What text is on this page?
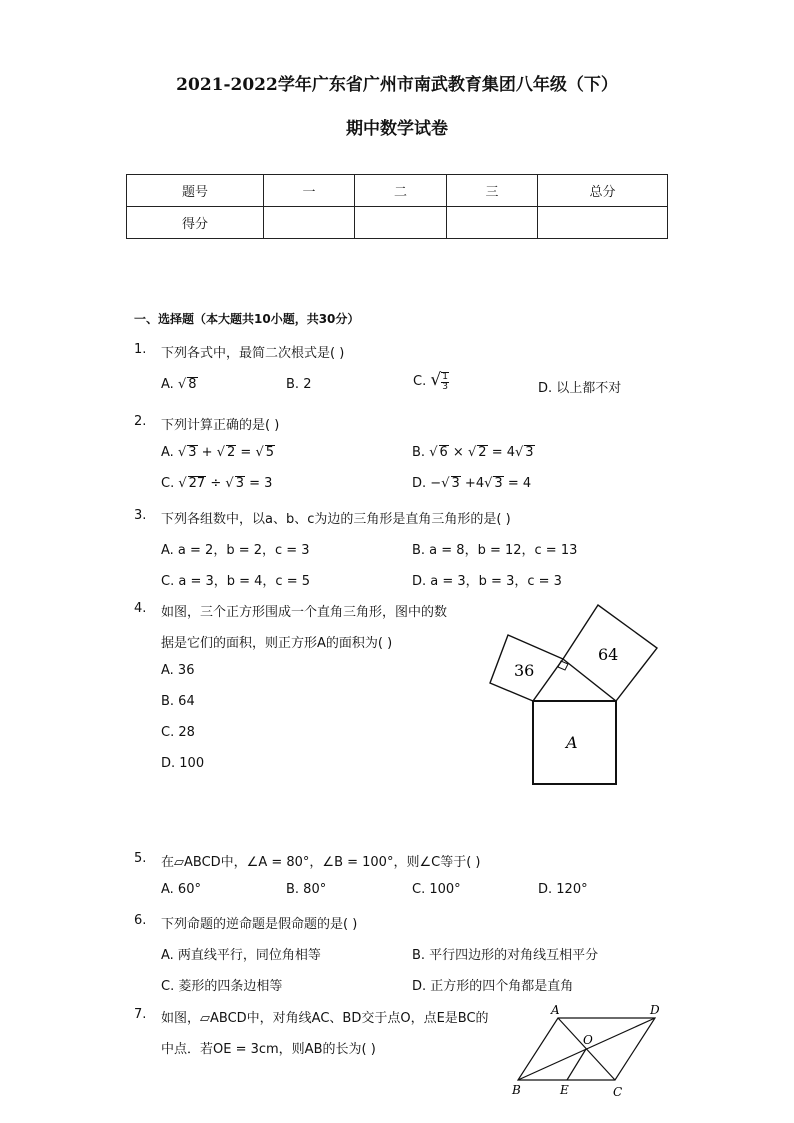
2021-2022学年广东省广州市南武教育集团八年级（下）
期中数学试卷
题号	一	二	三	总分
得分				
一、选择题（本大题共10小题，共30分）
1. 下列各式中，最简二次根式是( )
A. √ 8	B. 2	C. √ $\frac{1}{3}$	D. 以上都不对
2. 下列计算正确的是( )
A. √ 3 + √ 2 = √ 5	B. √ 6 × √ 2 = 4√ 3
C. √ 27 ÷ √ 3 = 3	D. −√ 3 +4√ 3 = 4
3. 下列各组数中，以a、b、c为边的三角形是直角三角形的是( )
A. a = 2，b = 2，c = 3	B. a = 8，b = 12，c = 13
C. a = 3，b = 4，c = 5	D. a = 3，b = 3，c = 3
4. 如图，三个正方形围成一个直角三角形，图中的数
据是它们的面积，则正方形A的面积为( )
A. 36
B. 64
C. 28
D. 100
36
64
A
5. 在▱ABCD中，∠A = 80°，∠B = 100°，则∠C等于( )
A. 60°	B. 80°	C. 100°	D. 120°
6. 下列命题的逆命题是假命题的是( )
A. 两直线平行，同位角相等	B. 平行四边形的对角线互相平分
C. 菱形的四条边相等	D. 正方形的四个角都是直角
7. 如图，▱ABCD中，对角线AC、BD交于点O，点E是BC的
中点．若OE = 3cm，则AB的长为( )
A	D
O
B	E	C
